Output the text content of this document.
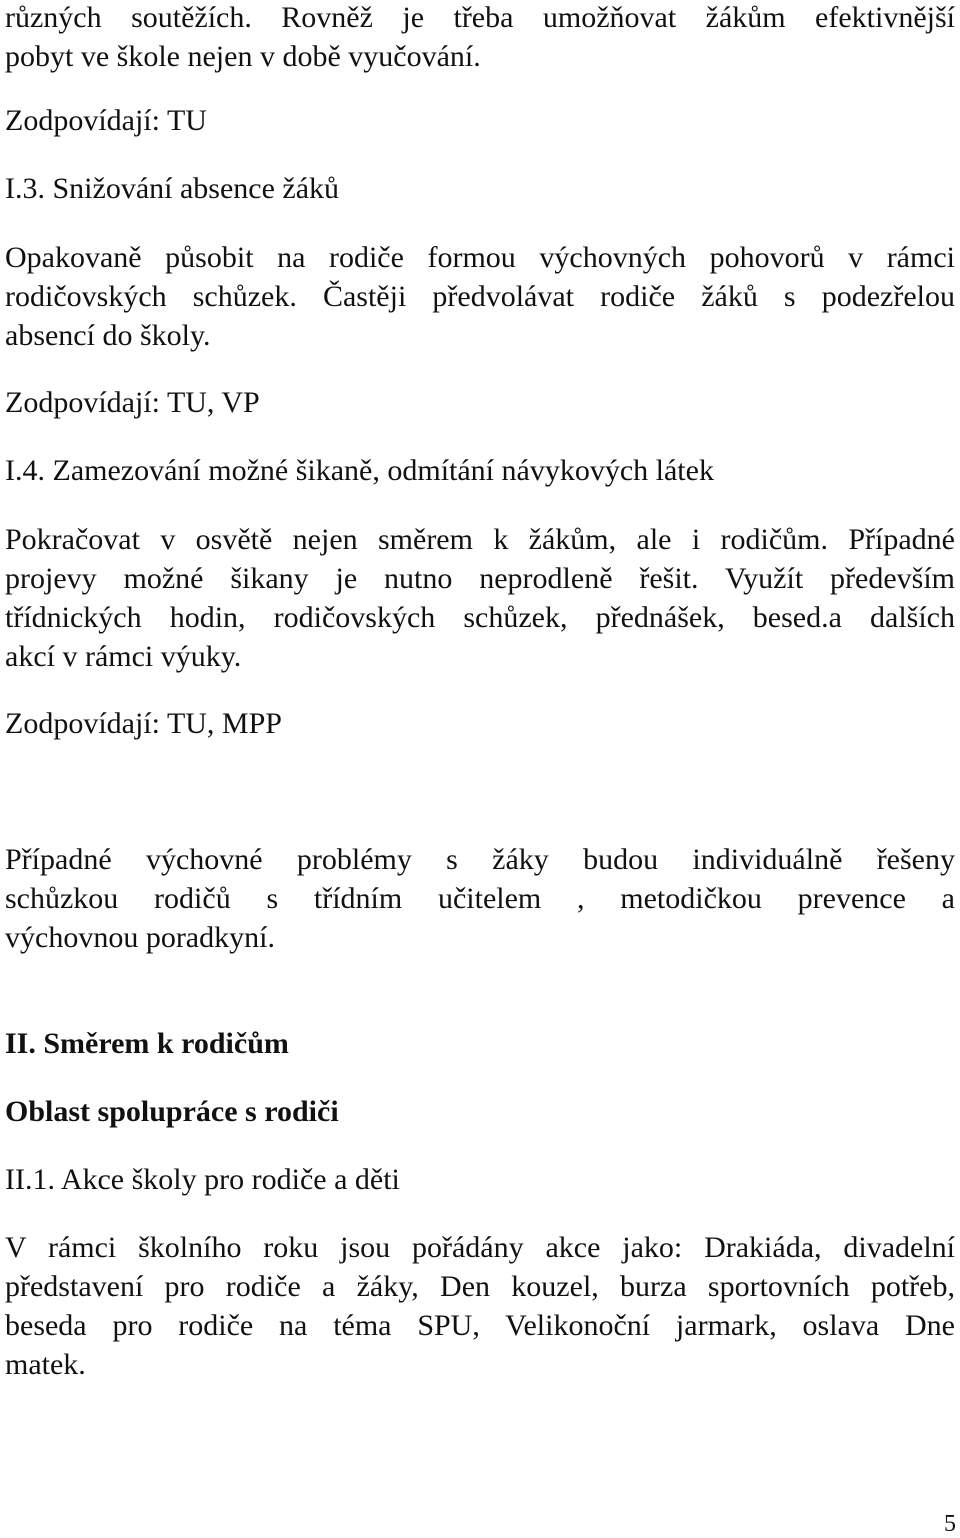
různých soutěžích. Rovněž je třeba umožňovat žákům efektivnější
pobyt ve škole nejen v době vyučování.
Zodpovídají: TU
I.3. Snižování absence žáků
Opakovaně působit na rodiče formou výchovných pohovorů v rámci
rodičovských schůzek. Častěji předvolávat rodiče žáků s podezřelou
absencí do školy.
Zodpovídají: TU, VP
I.4. Zamezování možné šikaně, odmítání návykových látek
Pokračovat v osvětě nejen směrem k žákům, ale i rodičům. Případné
projevy možné šikany je nutno neprodleně řešit. Využít především
třídnických hodin, rodičovských schůzek, přednášek, besed.a dalších
akcí v rámci výuky.
Zodpovídají: TU, MPP
Případné výchovné problémy s žáky budou individuálně řešeny
schůzkou rodičů s třídním učitelem , metodičkou prevence a
výchovnou poradkyní.
II. Směrem k rodičům
Oblast spolupráce s rodiči
II.1. Akce školy pro rodiče a děti
V rámci školního roku jsou pořádány akce jako: Drakiáda, divadelní
představení pro rodiče a žáky, Den kouzel, burza sportovních potřeb,
beseda pro rodiče na téma SPU, Velikonoční jarmark, oslava Dne
matek.
5
